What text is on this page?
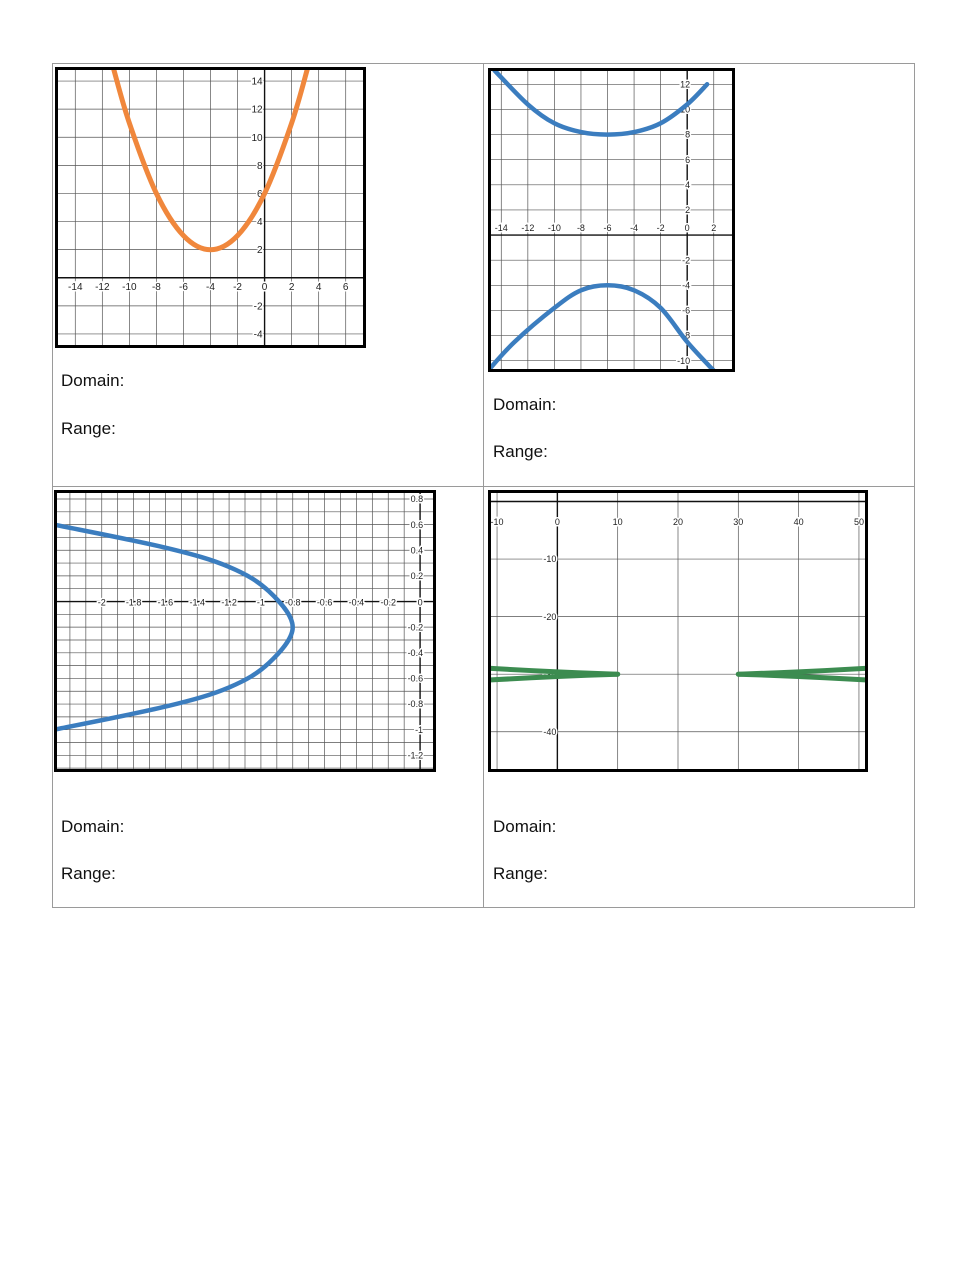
-14 -12 -10 -8 -6 -4 -2 0 2 4 6
14
12
10
8
6
4
2
-2
-4
Domain:
Range:
-14 -12 -10 -8 -6 -4 -2 0 2
12
10
8
6
4
2
-2
-4
-6
-8
-10
Domain:
Range:
-2 -1.8 -1.6 -1.4 -1.2 -1 -0.8 -0.6 -0.4 -0.2 0
0.8
0.6
0.4
0.2
-0.2
-0.4
-0.6
-0.8
-1
-1.2
Domain:
Range:
-10	0	10	20	30	40	50
-10
-20
-30
-40
Domain:
Range:
